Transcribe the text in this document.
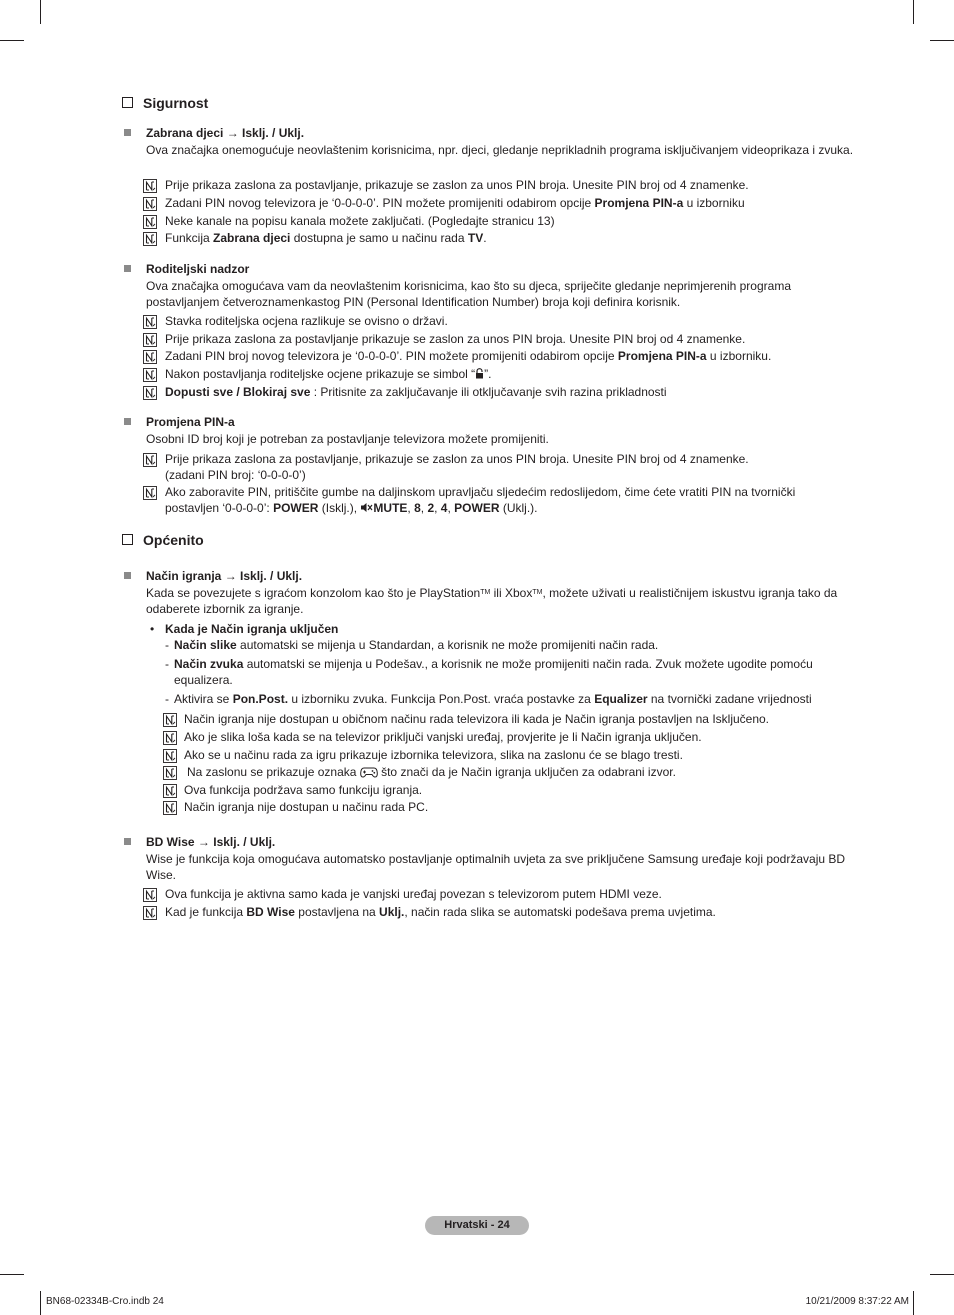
Sigurnost
Zabrana djeci → Isklj. / Uklj.
Ova značajka onemogućuje neovlaštenim korisnicima, npr. djeci, gledanje neprikladnih programa isključivanjem videoprikaza i zvuka.
Prije prikaza zaslona za postavljanje, prikazuje se zaslon za unos PIN broja. Unesite PIN broj od 4 znamenke.
Zadani PIN novog televizora je ‘0-0-0-0’. PIN možete promijeniti odabirom opcije Promjena PIN-a u izborniku
Neke kanale na popisu kanala možete zaključati. (Pogledajte stranicu 13)
Funkcija Zabrana djeci dostupna je samo u načinu rada TV.
Roditeljski nadzor
Ova značajka omogućava vam da neovlaštenim korisnicima, kao što su djeca, spriječite gledanje neprimjerenih programa postavljanjem četveroznamenkastog PIN (Personal Identification Number) broja koji definira korisnik.
Stavka roditeljska ocjena razlikuje se ovisno o državi.
Prije prikaza zaslona za postavljanje prikazuje se zaslon za unos PIN broja. Unesite PIN broj od 4 znamenke.
Zadani PIN broj novog televizora je ‘0-0-0-0’. PIN možete promijeniti odabirom opcije Promjena PIN-a u izborniku.
Nakon postavljanja roditeljske ocjene prikazuje se simbol “ ”.
Dopusti sve / Blokiraj sve : Pritisnite za zaključavanje ili otključavanje svih razina prikladnosti
Promjena PIN-a
Osobni ID broj koji je potreban za postavljanje televizora možete promijeniti.
Prije prikaza zaslona za postavljanje, prikazuje se zaslon za unos PIN broja. Unesite PIN broj od 4 znamenke.
(zadani PIN broj: ‘0-0-0-0’)
Ako zaboravite PIN, pritiščite gumbe na daljinskom upravljaču sljedećim redoslijedom, čime ćete vratiti PIN na tvornički
postavljen ‘0-0-0-0’: POWER (Isklj.), MUTE, 8, 2, 4, POWER (Uklj.).
Općenito
Način igranja → Isklj. / Uklj.
Kada se povezujete s igraćom konzolom kao što je PlayStation™ ili Xbox™, možete uživati u realističnijem iskustvu igranja tako da odaberete izbornik za igranje.
• Kada je Način igranja uključen
- Način slike automatski se mijenja u Standardan, a korisnik ne može promijeniti način rada.
- Način zvuka automatski se mijenja u Podešav., a korisnik ne može promijeniti način rada. Zvuk možete ugodite pomoću equalizera.
- Aktivira se Pon.Post. u izborniku zvuka. Funkcija Pon.Post. vraća postavke za Equalizer na tvornički zadane vrijednosti
Način igranja nije dostupan u običnom načinu rada televizora ili kada je Način igranja postavljen na Isključeno.
Ako je slika loša kada se na televizor priključi vanjski uređaj, provjerite je li Način igranja uključen.
Ako se u načinu rada za igru prikazuje izbornika televizora, slika na zaslonu će se blago tresti.
Na zaslonu se prikazuje oznaka  što znači da je Način igranja uključen za odabrani izvor.
Ova funkcija podržava samo funkciju igranja.
Način igranja nije dostupan u načinu rada PC.
BD Wise → Isklj. / Uklj.
Wise je funkcija koja omogućava automatsko postavljanje optimalnih uvjeta za sve priključene Samsung uređaje koji podržavaju BD Wise.
Ova funkcija je aktivna samo kada je vanjski uređaj povezan s televizorom putem HDMI veze.
Kad je funkcija BD Wise postavljena na Uklj., način rada slika se automatski podešava prema uvjetima.
Hrvatski - 24
BN68-02334B-Cro.indb 24	10/21/2009 8:37:22 AM
